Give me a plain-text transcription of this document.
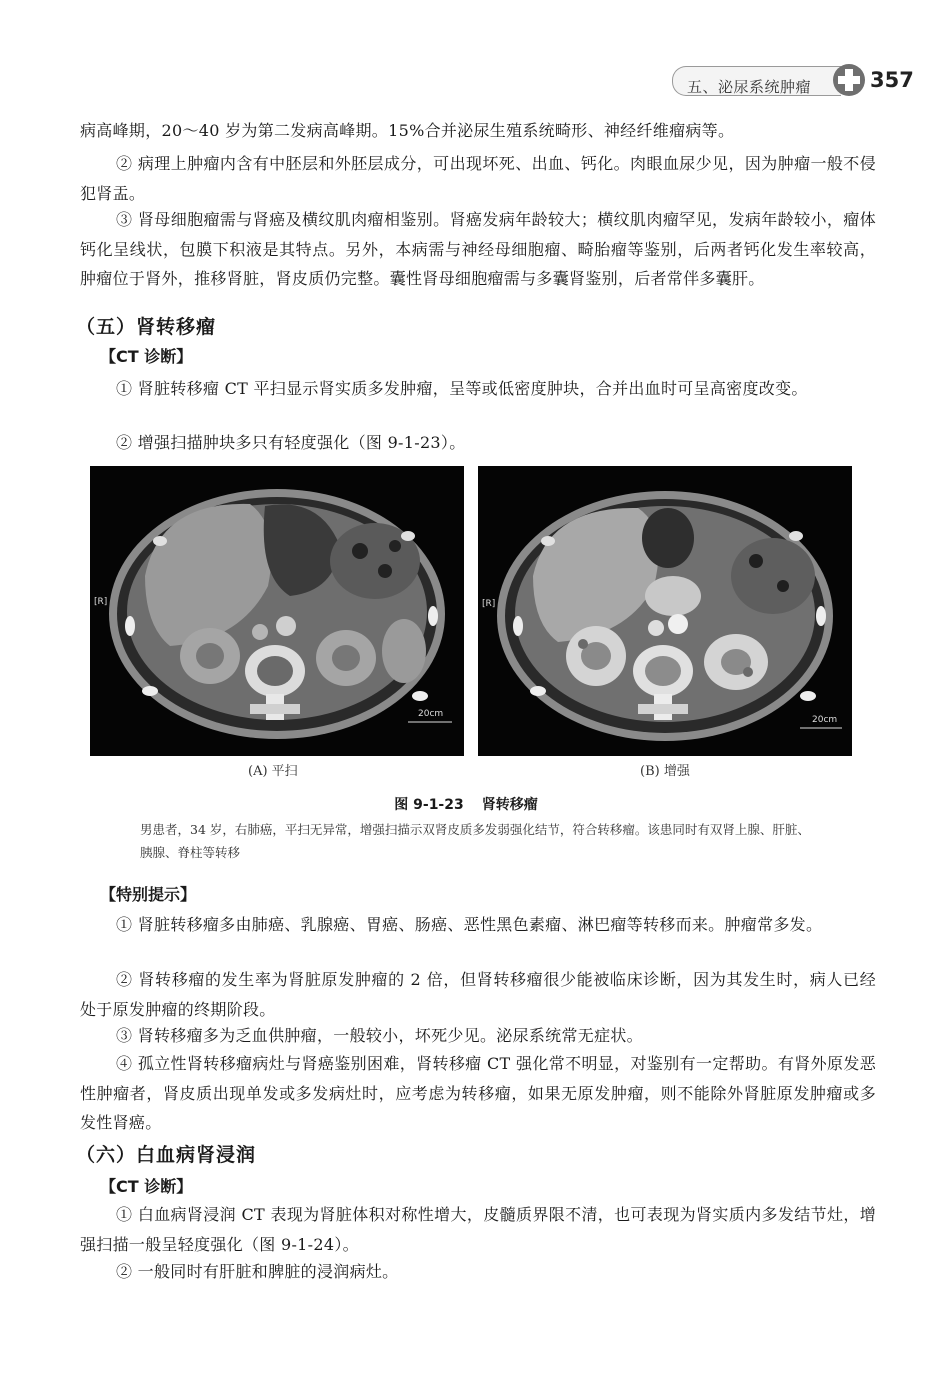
五、泌尿系统肿瘤	357
病高峰期，20～40 岁为第二发病高峰期。15%合并泌尿生殖系统畸形、神经纤维瘤病等。
② 病理上肿瘤内含有中胚层和外胚层成分，可出现坏死、出血、钙化。肉眼血尿少见，因为肿瘤一般不侵犯肾盂。
③ 肾母细胞瘤需与肾癌及横纹肌肉瘤相鉴别。肾癌发病年龄较大；横纹肌肉瘤罕见，发病年龄较小，瘤体钙化呈线状，包膜下积液是其特点。另外，本病需与神经母细胞瘤、畸胎瘤等鉴别，后两者钙化发生率较高，肿瘤位于肾外，推移肾脏，肾皮质仍完整。囊性肾母细胞瘤需与多囊肾鉴别，后者常伴多囊肝。
（五）肾转移瘤
【CT 诊断】
① 肾脏转移瘤 CT 平扫显示肾实质多发肿瘤，呈等或低密度肿块，合并出血时可呈高密度改变。
② 增强扫描肿块多只有轻度强化（图 9-1-23）。
[R]
20cm
[R]
20cm
(A) 平扫	(B) 增强
图 9-1-23 肾转移瘤
男患者，34 岁，右肺癌，平扫无异常，增强扫描示双肾皮质多发弱强化结节，符合转移瘤。该患同时有双肾上腺、肝脏、胰腺、脊柱等转移
【特别提示】
① 肾脏转移瘤多由肺癌、乳腺癌、胃癌、肠癌、恶性黑色素瘤、淋巴瘤等转移而来。肿瘤常多发。
② 肾转移瘤的发生率为肾脏原发肿瘤的 2 倍，但肾转移瘤很少能被临床诊断，因为其发生时，病人已经处于原发肿瘤的终期阶段。
③ 肾转移瘤多为乏血供肿瘤，一般较小，坏死少见。泌尿系统常无症状。
④ 孤立性肾转移瘤病灶与肾癌鉴别困难，肾转移瘤 CT 强化常不明显，对鉴别有一定帮助。有肾外原发恶性肿瘤者，肾皮质出现单发或多发病灶时，应考虑为转移瘤，如果无原发肿瘤，则不能除外肾脏原发肿瘤或多发性肾癌。
（六）白血病肾浸润
【CT 诊断】
① 白血病肾浸润 CT 表现为肾脏体积对称性增大，皮髓质界限不清，也可表现为肾实质内多发结节灶，增强扫描一般呈轻度强化（图 9-1-24）。
② 一般同时有肝脏和脾脏的浸润病灶。
